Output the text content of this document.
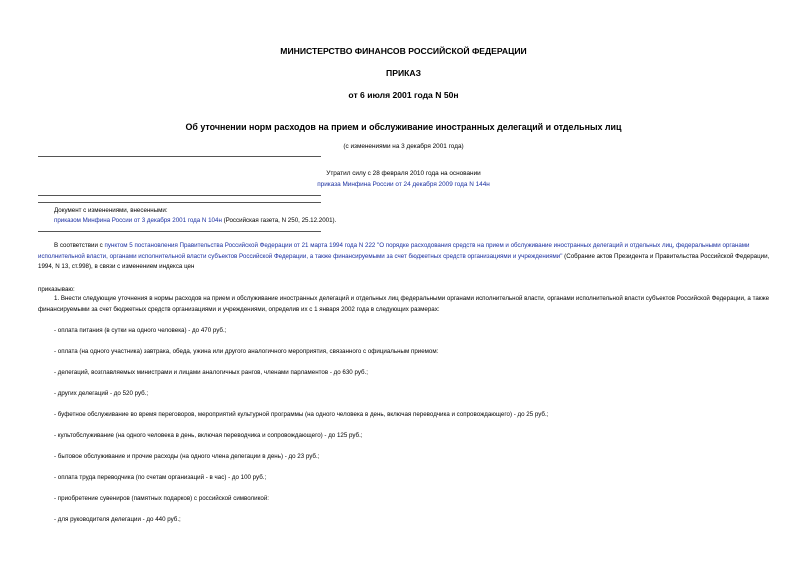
МИНИСТЕРСТВО ФИНАНСОВ РОССИЙСКОЙ ФЕДЕРАЦИИ
ПРИКАЗ
от 6 июля 2001 года N 50н
Об уточнении норм расходов на прием и обслуживание иностранных делегаций и отдельных лиц
(с изменениями на 3 декабря 2001 года)
Утратил силу с 28 февраля 2010 года на основании
приказа Минфина России от 24 декабря 2009 года N 144н
Документ с изменениями, внесенными:
приказом Минфина России от 3 декабря 2001 года N 104н (Российская газета, N 250, 25.12.2001).
В соответствии с пунктом 5 постановления Правительства Российской Федерации от 21 марта 1994 года N 222 "О порядке расходования средств на прием и обслуживание иностранных делегаций и отдельных лиц, федеральными органами исполнительной власти, органами исполнительной власти субъектов Российской Федерации, а также финансируемыми за счет бюджетных средств организациями и учреждениями" (Собрание актов Президента и Правительства Российской Федерации, 1994, N 13, ст.998), в связи с изменением индекса цен
приказываю:
1. Внести следующие уточнения в нормы расходов на прием и обслуживание иностранных делегаций и отдельных лиц федеральными органами исполнительной власти, органами исполнительной власти субъектов Российской Федерации, а также финансируемыми за счет бюджетных средств организациями и учреждениями, определив их с 1 января 2002 года в следующих размерах:
- оплата питания (в сутки на одного человека) - до 470 руб.;
- оплата (на одного участника) завтрака, обеда, ужина или другого аналогичного мероприятия, связанного с официальным приемом:
- делегаций, возглавляемых министрами и лицами аналогичных рангов, членами парламентов - до 630 руб.;
- других делегаций - до 520 руб.;
- буфетное обслуживание во время переговоров, мероприятий культурной программы (на одного человека в день, включая переводчика и сопровождающего) - до 25 руб.;
- культобслуживание (на одного человека в день, включая переводчика и сопровождающего) - до 125 руб.;
- бытовое обслуживание и прочие расходы (на одного члена делегации в день) - до 23 руб.;
- оплата труда переводчика (по счетам организаций - в час) - до 100 руб.;
- приобретение сувениров (памятных подарков) с российской символикой:
- для руководителя делегации - до 440 руб.;
